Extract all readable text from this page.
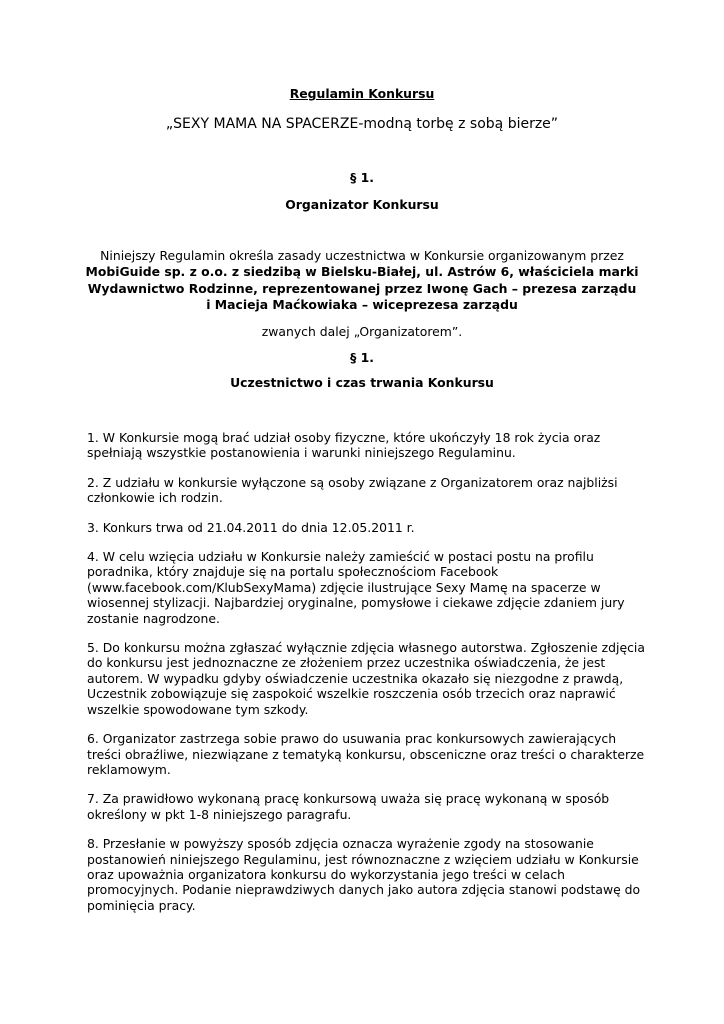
Regulamin Konkursu
„SEXY MAMA NA SPACERZE-modną torbę z sobą bierze”
§ 1.
Organizator Konkursu
Niniejszy Regulamin określa zasady uczestnictwa w Konkursie organizowanym przez
MobiGuide sp. z o.o. z siedzibą w Bielsku-Białej, ul. Astrów 6, właściciela marki
Wydawnictwo Rodzinne, reprezentowanej przez Iwonę Gach – prezesa zarządu
i Macieja Maćkowiaka – wiceprezesa zarządu
zwanych dalej „Organizatorem”.
§ 1.
Uczestnictwo i czas trwania Konkursu
1. W Konkursie mogą brać udział osoby fizyczne, które ukończyły 18 rok życia oraz
spełniają wszystkie postanowienia i warunki niniejszego Regulaminu.
2. Z udziału w konkursie wyłączone są osoby związane z Organizatorem oraz najbliżsi
członkowie ich rodzin.
3. Konkurs trwa od 21.04.2011 do dnia 12.05.2011 r.
4. W celu wzięcia udziału w Konkursie należy zamieścić w postaci postu na profilu
poradnika, który znajduje się na portalu społecznościom Facebook
(www.facebook.com/KlubSexyMama) zdjęcie ilustrujące Sexy Mamę na spacerze w
wiosennej stylizacji. Najbardziej oryginalne, pomysłowe i ciekawe zdjęcie zdaniem jury
zostanie nagrodzone.
5. Do konkursu można zgłaszać wyłącznie zdjęcia własnego autorstwa. Zgłoszenie zdjęcia
do konkursu jest jednoznaczne ze złożeniem przez uczestnika oświadczenia, że jest
autorem. W wypadku gdyby oświadczenie uczestnika okazało się niezgodne z prawdą,
Uczestnik zobowiązuje się zaspokoić wszelkie roszczenia osób trzecich oraz naprawić
wszelkie spowodowane tym szkody.
6. Organizator zastrzega sobie prawo do usuwania prac konkursowych zawierających
treści obraźliwe, niezwiązane z tematyką konkursu, obsceniczne oraz treści o charakterze
reklamowym.
7. Za prawidłowo wykonaną pracę konkursową uważa się pracę wykonaną w sposób
określony w pkt 1-8 niniejszego paragrafu.
8. Przesłanie w powyższy sposób zdjęcia oznacza wyrażenie zgody na stosowanie
postanowień niniejszego Regulaminu, jest równoznaczne z wzięciem udziału w Konkursie
oraz upoważnia organizatora konkursu do wykorzystania jego treści w celach
promocyjnych. Podanie nieprawdziwych danych jako autora zdjęcia stanowi podstawę do
pominięcia pracy.
